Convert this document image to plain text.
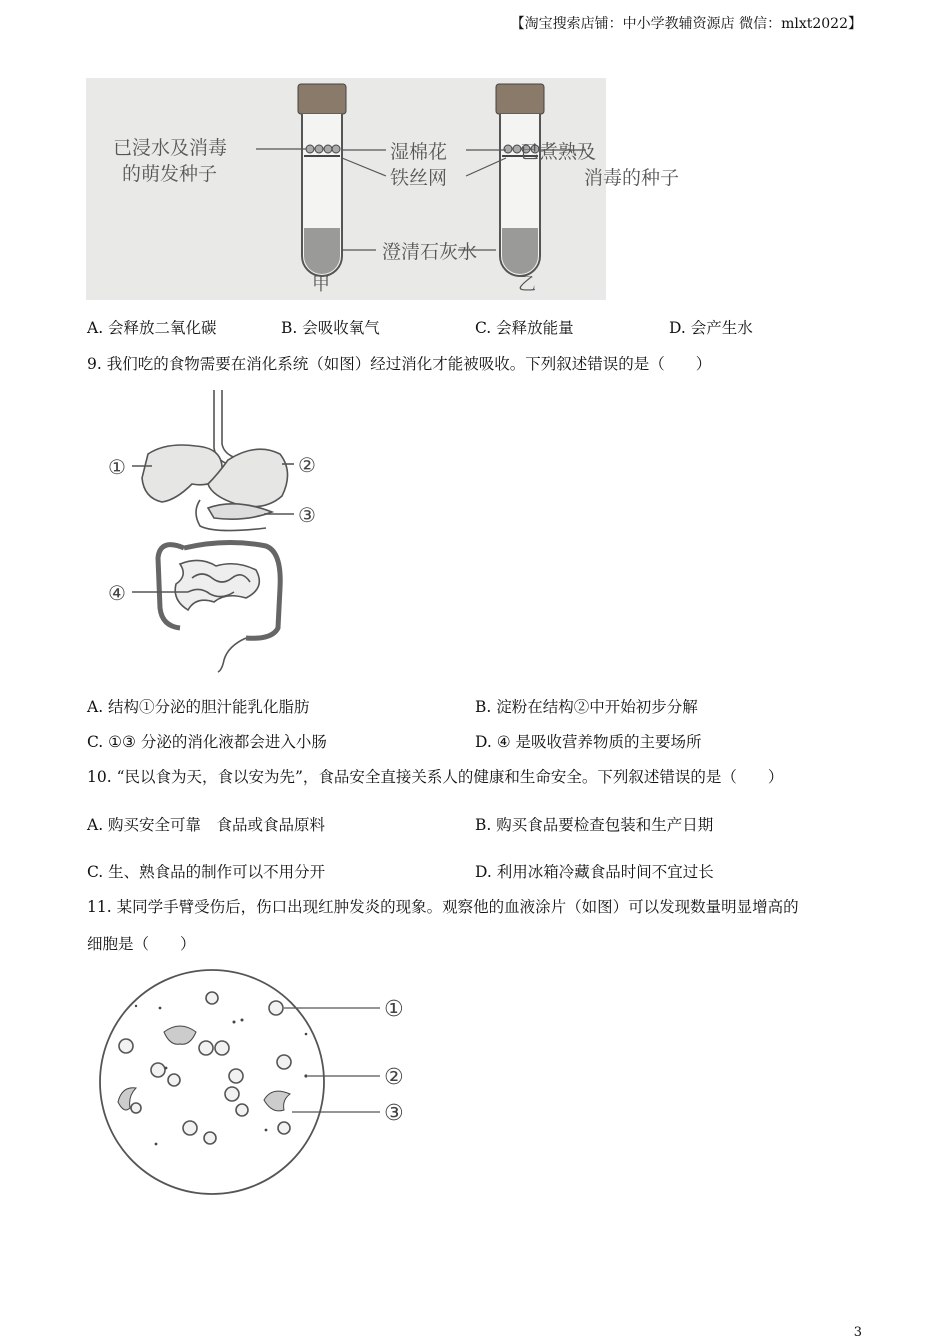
【淘宝搜索店铺：中小学教辅资源店 微信：mlxt2022】
已浸水及消毒
的萌发种子
湿棉花
铁丝网
澄清石灰水
已煮熟及
消毒的种子
甲	乙
A. 会释放二氧化碳	B. 会吸收氧气	C. 会释放能量	D. 会产生水
9. 我们吃的食物需要在消化系统（如图）经过消化才能被吸收。下列叙述错误的是（　　）
①	②
③
④
A. 结构①分泌的胆汁能乳化脂肪	B. 淀粉在结构②中开始初步分解
C. ①③ 分泌的消化液都会进入小肠	D. ④ 是吸收营养物质的主要场所
10. “民以食为天，食以安为先”，食品安全直接关系人的健康和生命安全。下列叙述错误的是（　　）
A. 购买安全可靠　食品或食品原料	B. 购买食品要检查包装和生产日期
C. 生、熟食品的制作可以不用分开	D. 利用冰箱冷藏食品时间不宜过长
11. 某同学手臂受伤后，伤口出现红肿发炎的现象。观察他的血液涂片（如图）可以发现数量明显增高的
细胞是（　　）
①
②
③
3
